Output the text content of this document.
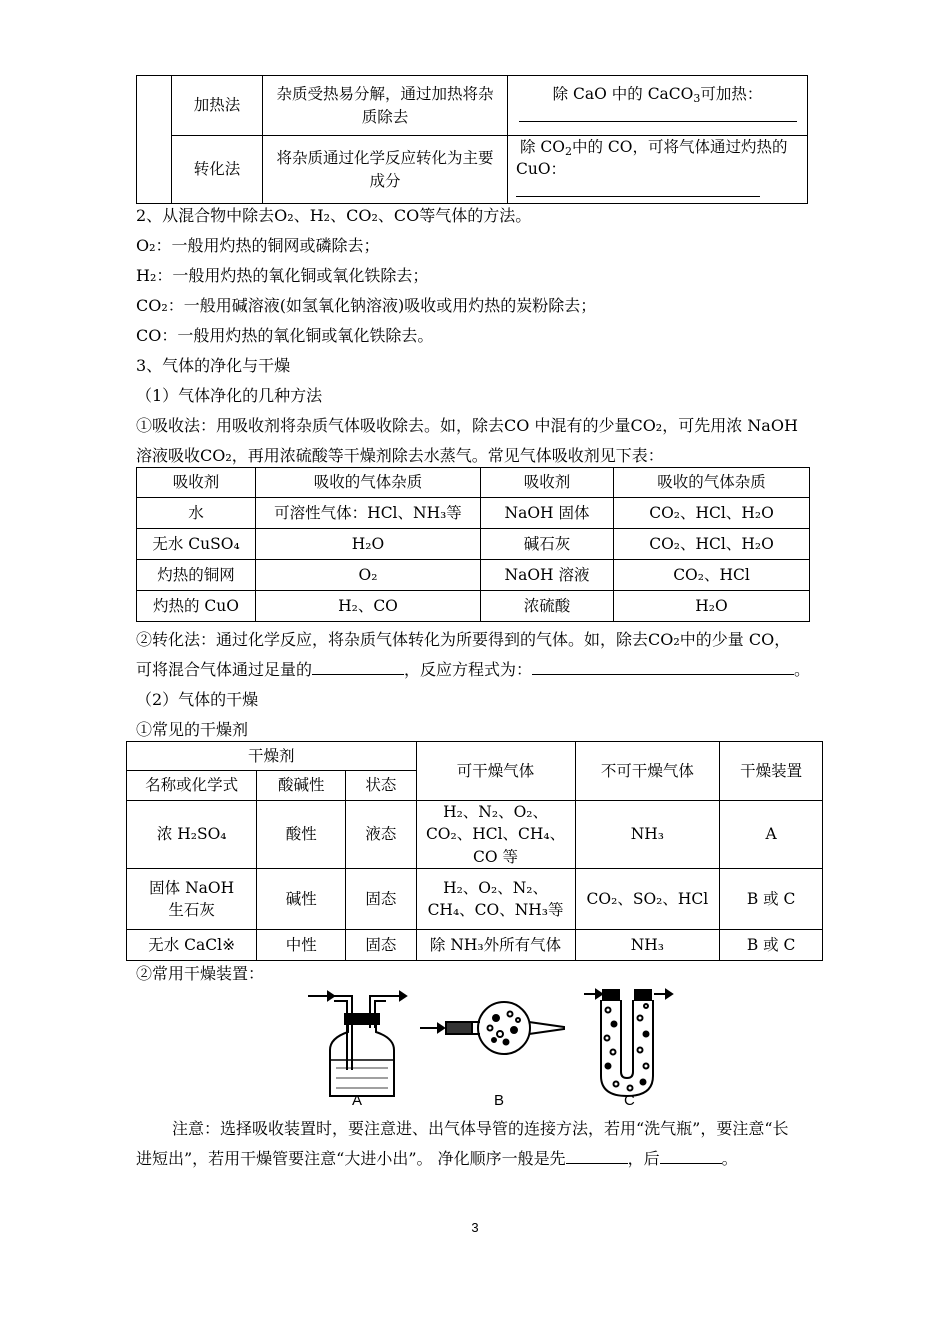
	加热法	杂质受热易分解，通过加热将杂质除去	除 CaO 中的 CaCO$_3$可加热：

	转化法	将杂质通过化学反应转化为主要成分	除 $CO_2$中的 CO，可将气体通过灼热的
CuO：
2、从混合物中除去O₂、H₂、CO₂、CO等气体的方法。
O₂：一般用灼热的铜网或磷除去；
H₂：一般用灼热的氧化铜或氧化铁除去；
CO₂：一般用碱溶液(如氢氧化钠溶液)吸收或用灼热的炭粉除去；
CO：一般用灼热的氧化铜或氧化铁除去。
3、气体的净化与干燥
（1）气体净化的几种方法
①吸收法：用吸收剂将杂质气体吸收除去。如，除去CO 中混有的少量CO₂，可先用浓 NaOH
溶液吸收CO₂，再用浓硫酸等干燥剂除去水蒸气。常见气体吸收剂见下表：
吸收剂	吸收的气体杂质	吸收剂	吸收的气体杂质
水	可溶性气体：HCl、NH₃等	NaOH 固体	CO₂、HCl、H₂O
无水 CuSO₄	H₂O	碱石灰	CO₂、HCl、H₂O
灼热的铜网	O₂	NaOH 溶液	CO₂、HCl
灼热的 CuO	H₂、CO	浓硫酸	H₂O
②转化法：通过化学反应，将杂质气体转化为所要得到的气体。如，除去CO₂中的少量 CO，
可将混合气体通过足量的	，反应方程式为：	。
（2）气体的干燥
①常见的干燥剂
干燥剂			可干燥气体	不可干燥气体	干燥装置
名称或化学式	酸碱性	状态			
浓 H₂SO₄	酸性	液态	H₂、N₂、O₂、CO₂、HCl、CH₄、CO 等	NH₃	A
固体 NaOH
生石灰	碱性	固态	H₂、O₂、N₂、CH₄、CO、NH₃等	CO₂、SO₂、HCl	B 或 C
无水 CaCl※	中性	固态	除 NH₃外所有气体	NH₃	B 或 C
②常用干燥装置：
A	B	C
注意：选择吸收装置时，要注意进、出气体导管的连接方法，若用“洗气瓶”，要注意“长
进短出”，若用干燥管要注意“大进小出”。 净化顺序一般是先	，后	。
3
